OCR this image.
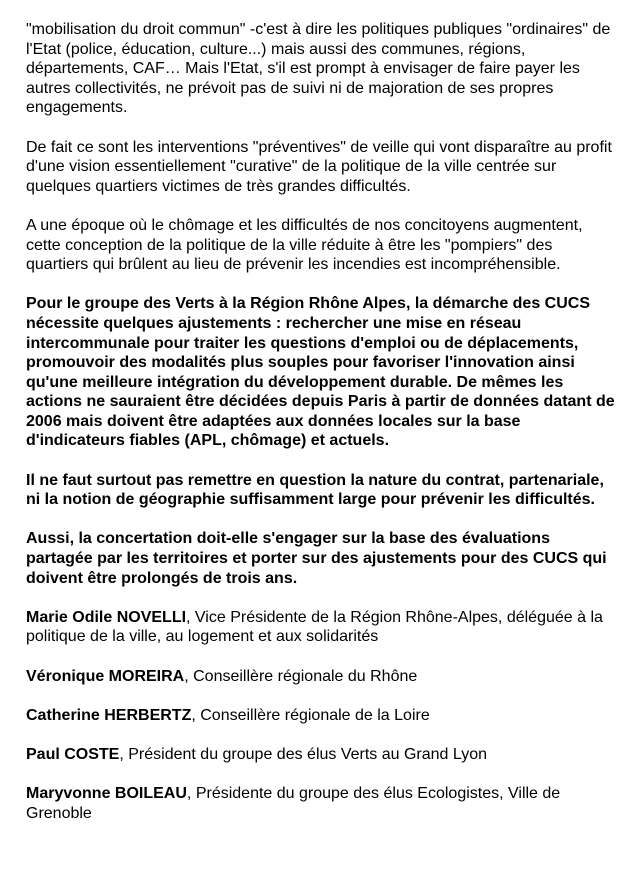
"mobilisation du droit commun" -c'est à dire les politiques publiques "ordinaires" de l'Etat (police, éducation, culture...) mais aussi des communes, régions, départements, CAF… Mais l'Etat, s'il est prompt à envisager de faire payer les autres collectivités, ne prévoit pas de suivi ni de majoration de ses propres engagements.

De fait ce sont les interventions "préventives" de veille qui vont disparaître au profit d'une vision essentiellement "curative" de la politique de la ville centrée sur quelques quartiers victimes de très grandes difficultés.

A une époque où le chômage et les difficultés de nos concitoyens augmentent, cette conception de la politique de la ville réduite à être les "pompiers" des quartiers qui brûlent au lieu de prévenir les incendies est incompréhensible.

Pour le groupe des Verts à la Région Rhône Alpes, la démarche des CUCS nécessite quelques ajustements : rechercher une mise en réseau intercommunale pour traiter les questions d'emploi ou de déplacements, promouvoir des modalités plus souples pour favoriser l'innovation ainsi qu'une meilleure intégration du développement durable. De mêmes les actions ne sauraient être décidées depuis Paris à partir de données datant de 2006 mais doivent être adaptées aux données locales sur la base d'indicateurs fiables (APL, chômage) et actuels.

Il ne faut surtout pas remettre en question la nature du contrat, partenariale, ni la notion de géographie suffisamment large pour prévenir les difficultés.

Aussi, la concertation doit-elle s'engager sur la base des évaluations partagée par les territoires et porter sur des ajustements pour des CUCS qui doivent être prolongés de trois ans.

Marie Odile NOVELLI, Vice Présidente de la Région Rhône-Alpes, déléguée à la politique de la ville, au logement et aux solidarités
Véronique MOREIRA, Conseillère régionale du Rhône
Catherine HERBERTZ, Conseillère régionale de la Loire
Paul COSTE, Président du groupe des élus Verts au Grand Lyon
Maryvonne BOILEAU, Présidente du groupe des élus Ecologistes, Ville de Grenoble
